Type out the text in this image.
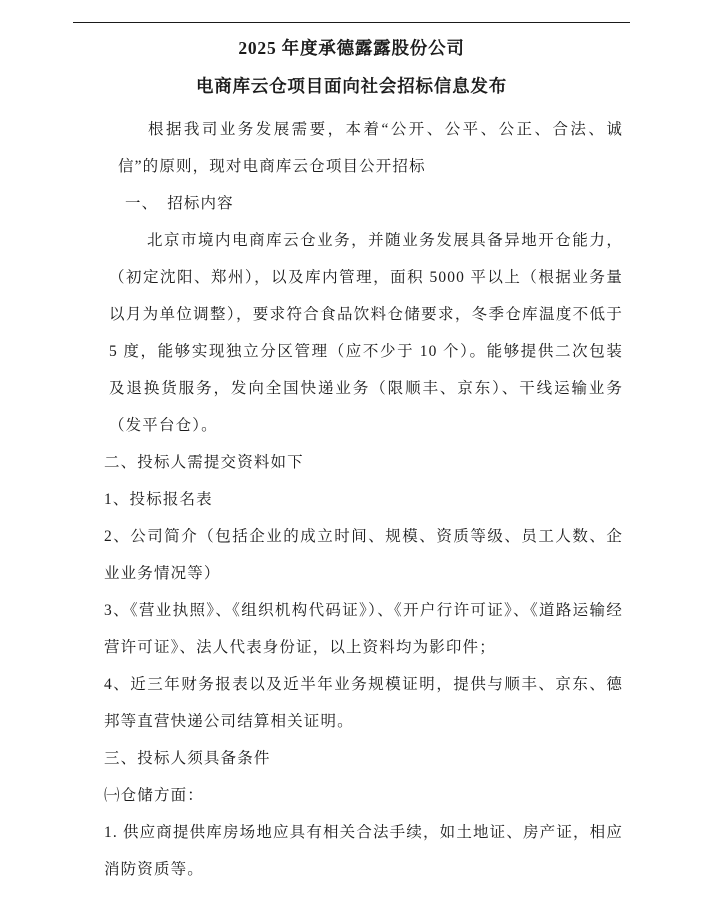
2025 年度承德露露股份公司
电商库云仓项目面向社会招标信息发布
根据我司业务发展需要，本着“公开、公平、公正、合法、诚信”的原则，现对电商库云仓项目公开招标
一、　招标内容
北京市境内电商库云仓业务，并随业务发展具备异地开仓能力，（初定沈阳、郑州），以及库内管理，面积 5000 平以上（根据业务量以月为单位调整），要求符合食品饮料仓储要求，冬季仓库温度不低于 5 度，能够实现独立分区管理（应不少于 10 个）。能够提供二次包装及退换货服务，发向全国快递业务（限顺丰、京东）、干线运输业务（发平台仓）。
二、投标人需提交资料如下
1、投标报名表
2、公司简介（包括企业的成立时间、规模、资质等级、员工人数、企业业务情况等）
3、《营业执照》、《组织机构代码证》）、《开户行许可证》、《道路运输经营许可证》、法人代表身份证，以上资料均为影印件；
4、近三年财务报表以及近半年业务规模证明，提供与顺丰、京东、德邦等直营快递公司结算相关证明。
三、投标人须具备条件
㈠仓储方面：
1. 供应商提供库房场地应具有相关合法手续，如土地证、房产证，相应消防资质等。
